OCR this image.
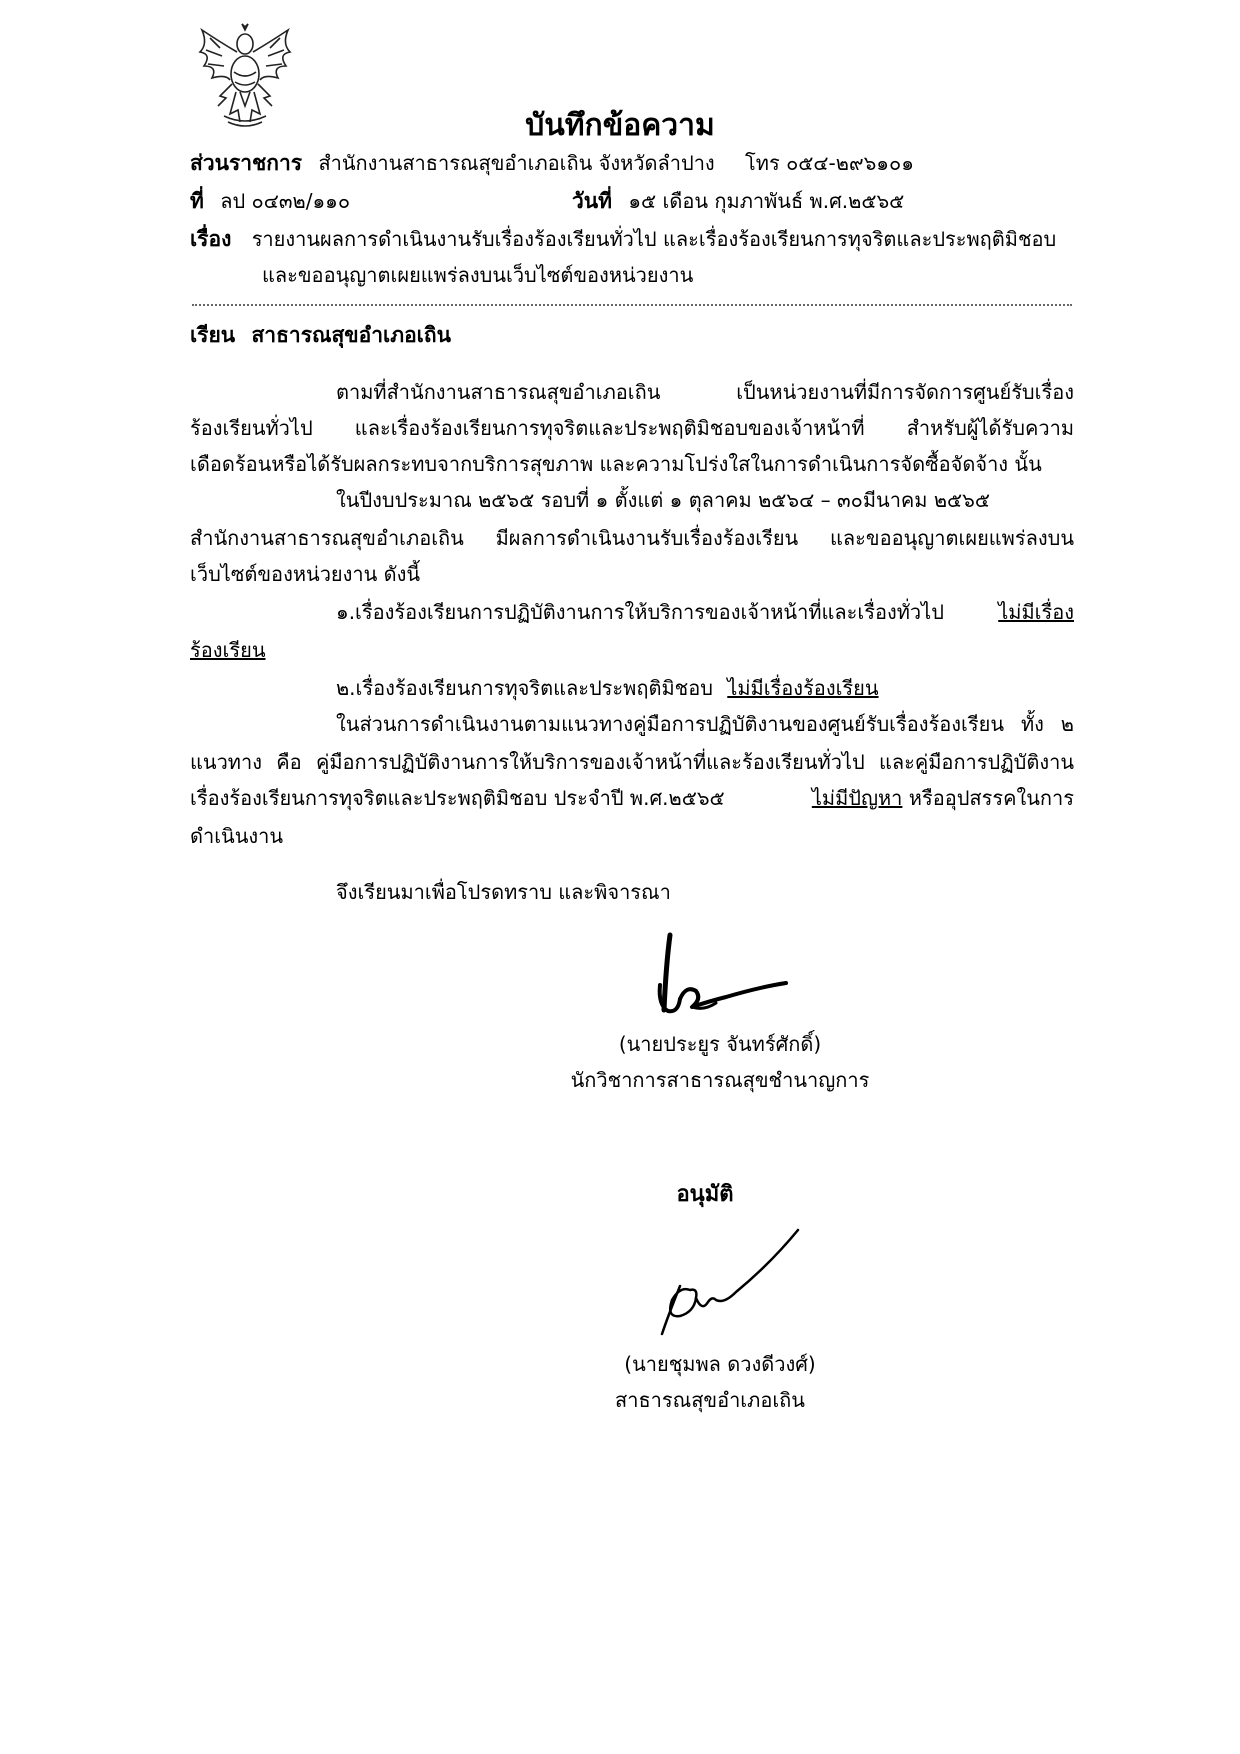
บันทึกข้อความ
ส่วนราชการ สำนักงานสาธารณสุขอำเภอเถิน จังหวัดลำปาง โทร ๐๕๔-๒๙๖๑๐๑
ที่ ลป ๐๔๓๒/๑๑๐	วันที่ ๑๕ เดือน กุมภาพันธ์ พ.ศ.๒๕๖๕
เรื่อง รายงานผลการดำเนินงานรับเรื่องร้องเรียนทั่วไป และเรื่องร้องเรียนการทุจริตและประพฤติมิชอบ
และขออนุญาตเผยแพร่ลงบนเว็บไซต์ของหน่วยงาน
เรียน สาธารณสุขอำเภอเถิน
ตามที่สำนักงานสาธารณสุขอำเภอเถิน เป็นหน่วยงานที่มีการจัดการศูนย์รับเรื่อง
ร้องเรียนทั่วไป และเรื่องร้องเรียนการทุจริตและประพฤติมิชอบของเจ้าหน้าที่ สำหรับผู้ได้รับความ
เดือดร้อนหรือได้รับผลกระทบจากบริการสุขภาพ และความโปร่งใสในการดำเนินการจัดซื้อจัดจ้าง นั้น
ในปีงบประมาณ ๒๕๖๕ รอบที่ ๑ ตั้งแต่ ๑ ตุลาคม ๒๕๖๔ – ๓๐มีนาคม ๒๕๖๕
สำนักงานสาธารณสุขอำเภอเถิน มีผลการดำเนินงานรับเรื่องร้องเรียน และขออนุญาตเผยแพร่ลงบน
เว็บไซต์ของหน่วยงาน ดังนี้
๑.เรื่องร้องเรียนการปฏิบัติงานการให้บริการของเจ้าหน้าที่และเรื่องทั่วไป	ไม่มีเรื่อง
ร้องเรียน
๒.เรื่องร้องเรียนการทุจริตและประพฤติมิชอบ ไม่มีเรื่องร้องเรียน
ในส่วนการดำเนินงานตามแนวทางคู่มือการปฏิบัติงานของศูนย์รับเรื่องร้องเรียน ทั้ง ๒
แนวทาง คือ คู่มือการปฏิบัติงานการให้บริการของเจ้าหน้าที่และร้องเรียนทั่วไป และคู่มือการปฏิบัติงาน
เรื่องร้องเรียนการทุจริตและประพฤติมิชอบ ประจำปี พ.ศ.๒๕๖๕	ไม่มีปัญหา หรืออุปสรรคในการ
ดำเนินงาน
จึงเรียนมาเพื่อโปรดทราบ และพิจารณา
(นายประยูร จันทร์ศักดิ์)
นักวิชาการสาธารณสุขชำนาญการ
อนุมัติ
(นายชุมพล ดวงดีวงศ์)
สาธารณสุขอำเภอเถิน
